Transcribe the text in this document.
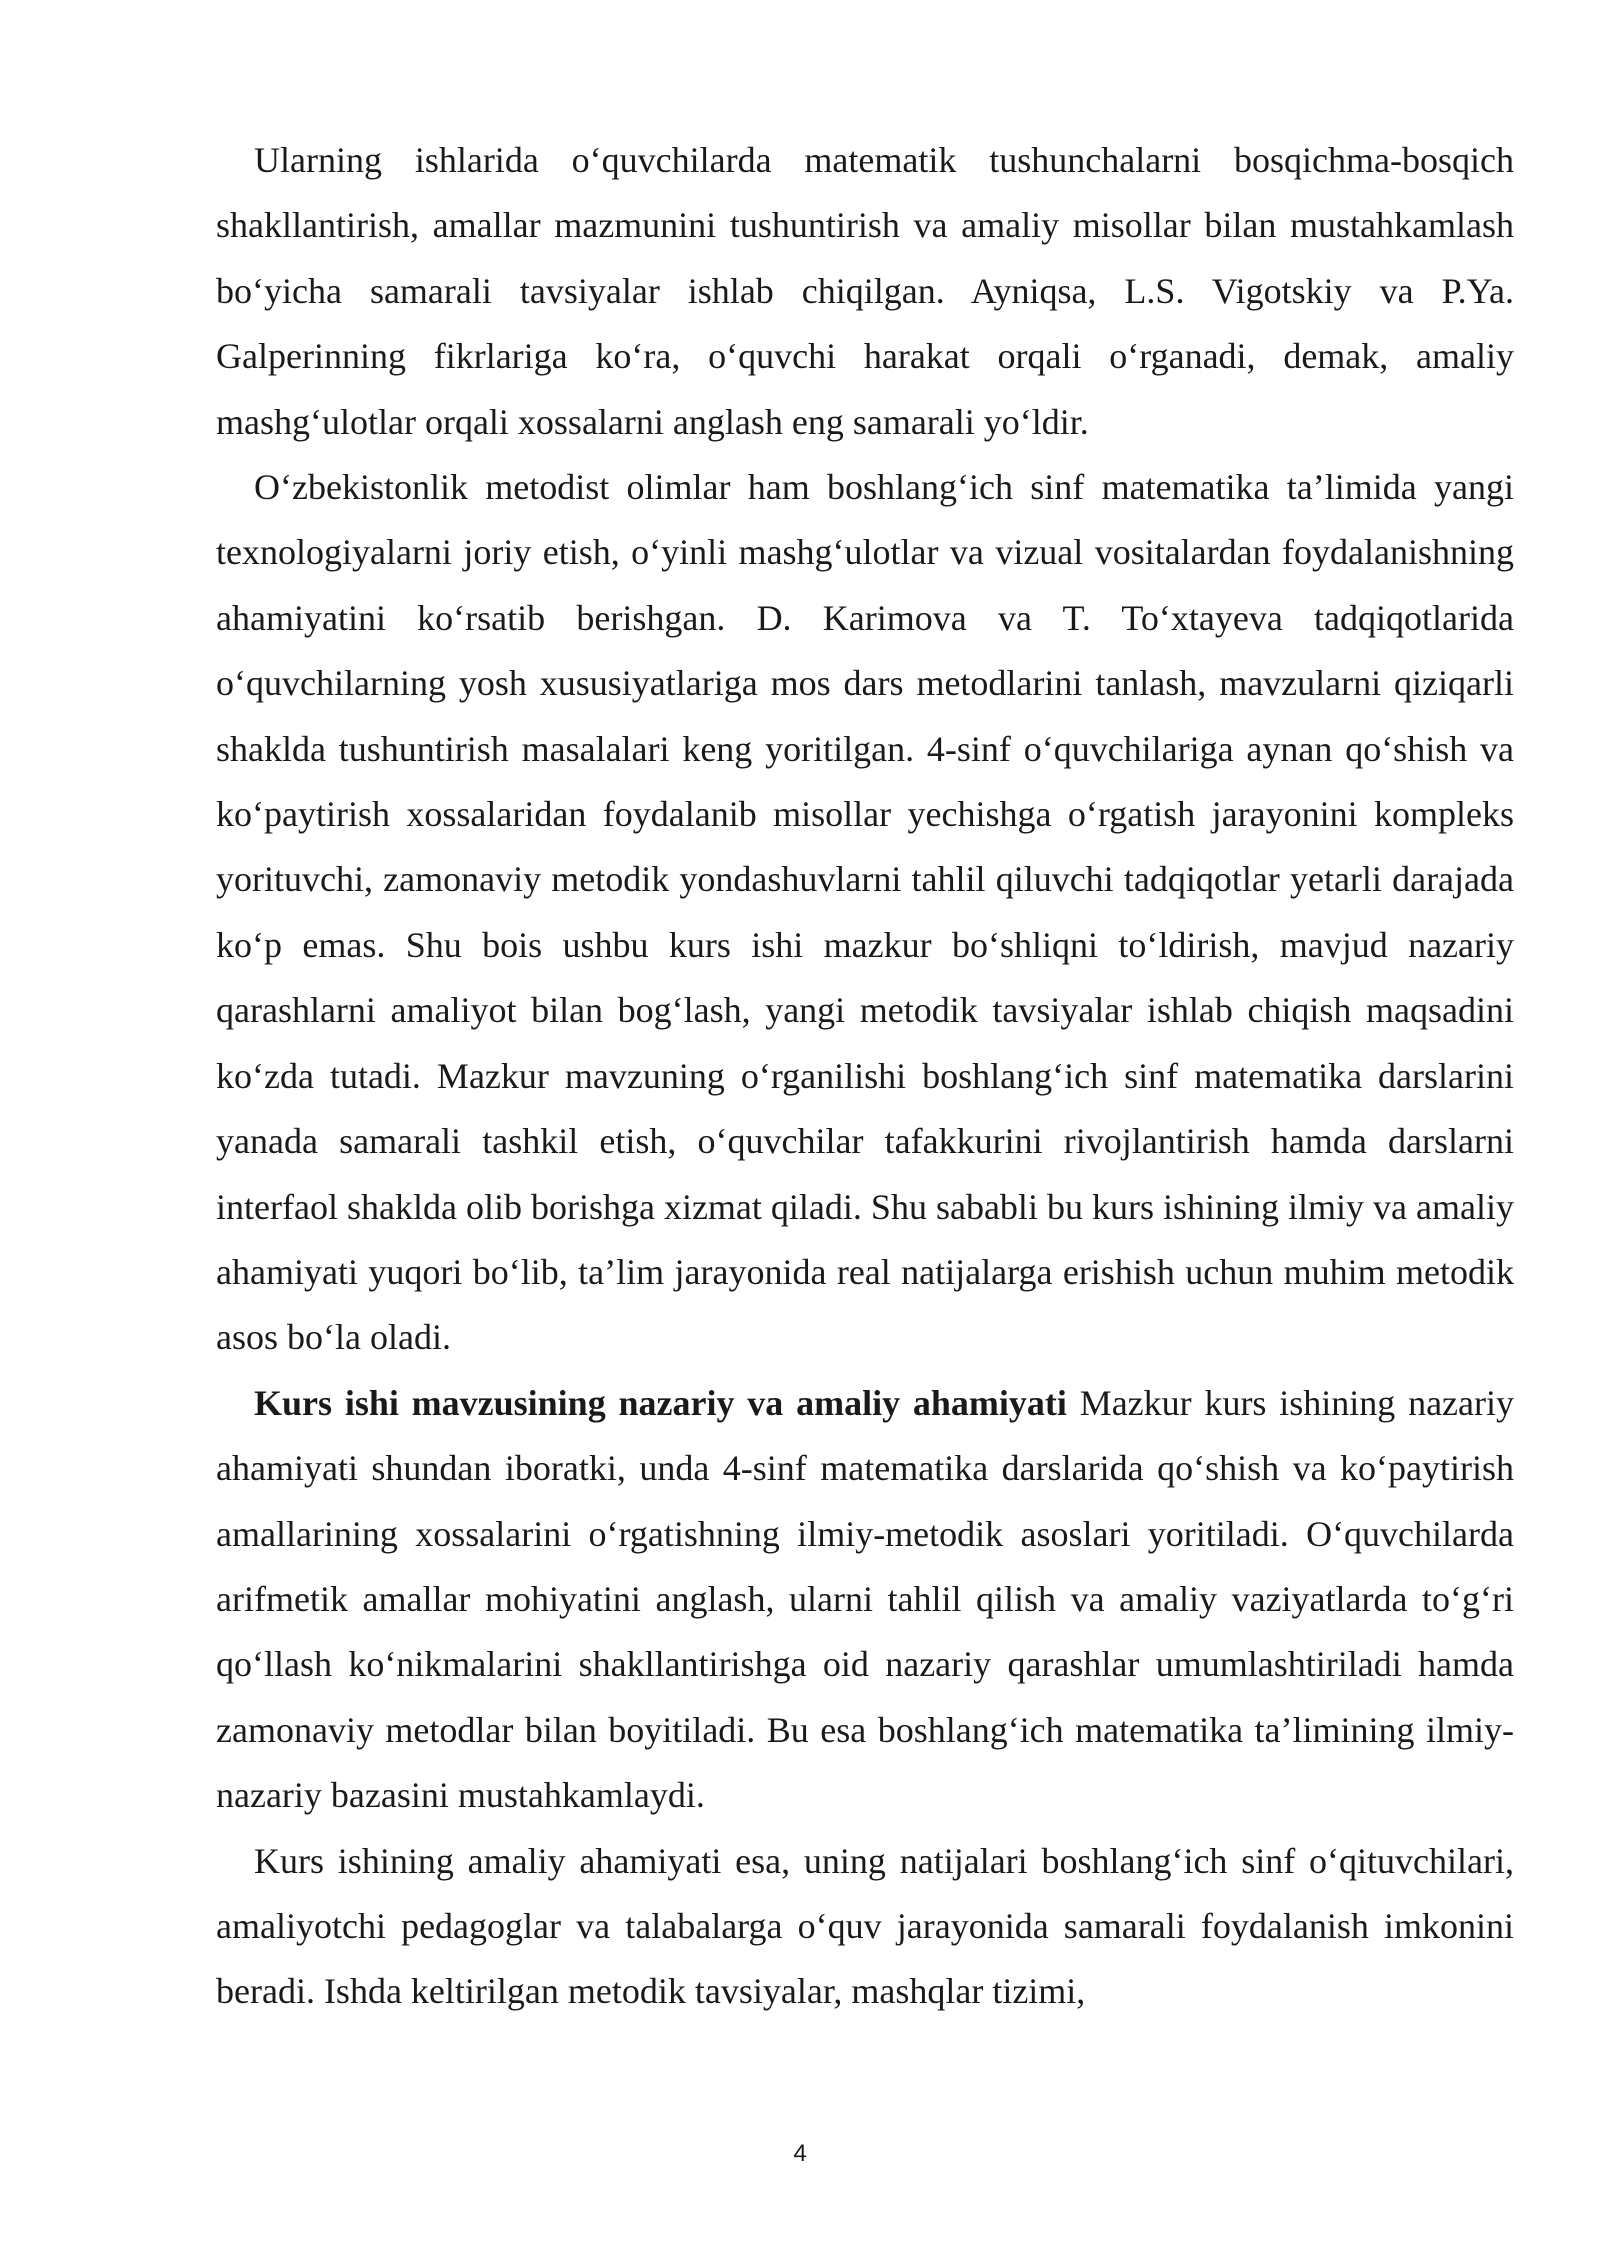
Ularning ishlarida o‘quvchilarda matematik tushunchalarni bosqichma-bosqich shakllantirish, amallar mazmunini tushuntirish va amaliy misollar bilan mustahkamlash bo‘yicha samarali tavsiyalar ishlab chiqilgan. Ayniqsa, L.S. Vigotskiy va P.Ya. Galperinning fikrlariga ko‘ra, o‘quvchi harakat orqali o‘rganadi, demak, amaliy mashg‘ulotlar orqali xossalarni anglash eng samarali yo‘ldir.

O‘zbekistonlik metodist olimlar ham boshlang‘ich sinf matematika ta’limida yangi texnologiyalarni joriy etish, o‘yinli mashg‘ulotlar va vizual vositalardan foydalanishning ahamiyatini ko‘rsatib berishgan. D. Karimova va T. To‘xtayeva tadqiqotlarida o‘quvchilarning yosh xususiyatlariga mos dars metodlarini tanlash, mavzularni qiziqarli shaklda tushuntirish masalalari keng yoritilgan. 4-sinf o‘quvchilariga aynan qo‘shish va ko‘paytirish xossalaridan foydalanib misollar yechishga o‘rgatish jarayonini kompleks yorituvchi, zamonaviy metodik yondashuvlarni tahlil qiluvchi tadqiqotlar yetarli darajada ko‘p emas. Shu bois ushbu kurs ishi mazkur bo‘shliqni to‘ldirish, mavjud nazariy qarashlarni amaliyot bilan bog‘lash, yangi metodik tavsiyalar ishlab chiqish maqsadini ko‘zda tutadi. Mazkur mavzuning o‘rganilishi boshlang‘ich sinf matematika darslarini yanada samarali tashkil etish, o‘quvchilar tafakkurini rivojlantirish hamda darslarni interfaol shaklda olib borishga xizmat qiladi. Shu sababli bu kurs ishining ilmiy va amaliy ahamiyati yuqori bo‘lib, ta’lim jarayonida real natijalarga erishish uchun muhim metodik asos bo‘la oladi.

Kurs ishi mavzusining nazariy va amaliy ahamiyati Mazkur kurs ishining nazariy ahamiyati shundan iboratki, unda 4-sinf matematika darslarida qo‘shish va ko‘paytirish amallarining xossalarini o‘rgatishning ilmiy-metodik asoslari yoritiladi. O‘quvchilarda arifmetik amallar mohiyatini anglash, ularni tahlil qilish va amaliy vaziyatlarda to‘g‘ri qo‘llash ko‘nikmalarini shakllantirishga oid nazariy qarashlar umumlashtiriladi hamda zamonaviy metodlar bilan boyitiladi. Bu esa boshlang‘ich matematika ta’limining ilmiy-nazariy bazasini mustahkamlaydi.

Kurs ishining amaliy ahamiyati esa, uning natijalari boshlang‘ich sinf o‘qituvchilari, amaliyotchi pedagoglar va talabalarga o‘quv jarayonida samarali foydalanish imkonini beradi. Ishda keltirilgan metodik tavsiyalar, mashqlar tizimi,

4
